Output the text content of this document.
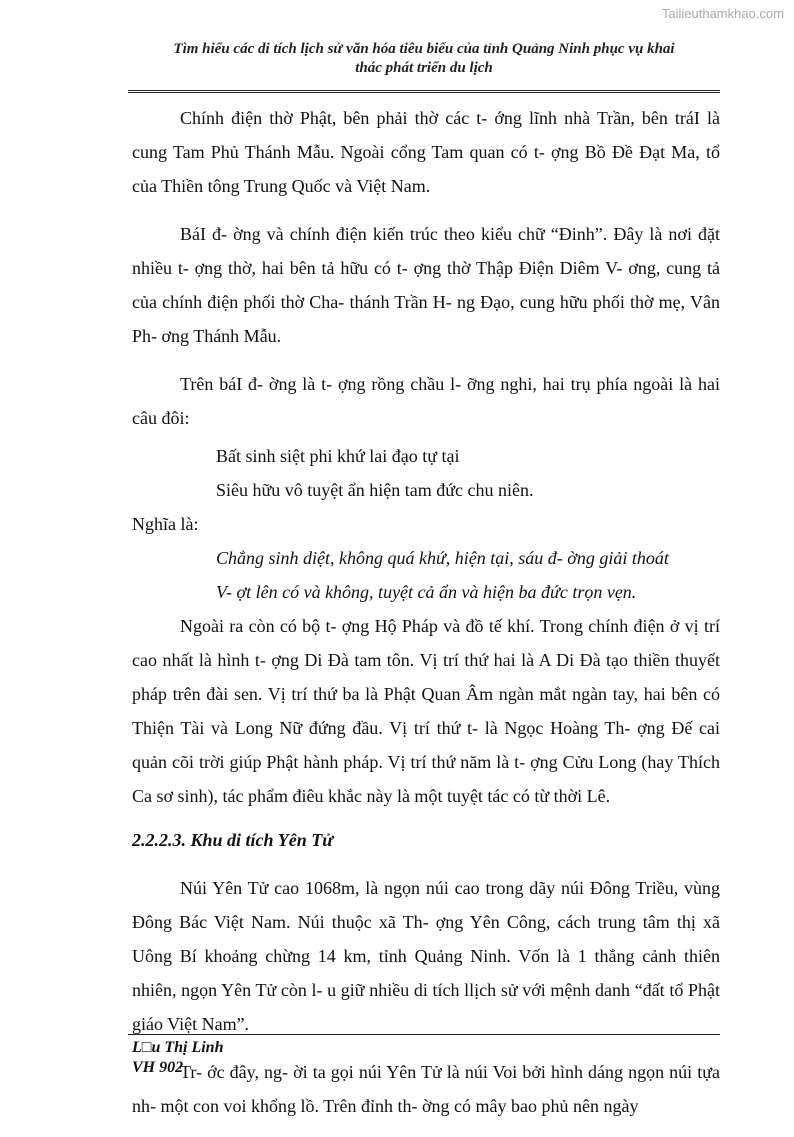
Tailieuthamkhao.com
Tìm hiểu các di tích lịch sử văn hóa tiêu biểu của tỉnh Quảng Ninh phục vụ khai
thác phát triển du lịch

Chính điện thờ Phật, bên phải thờ các t- ớng lĩnh nhà Trần, bên tráI là cung Tam Phủ Thánh Mẫu. Ngoài cổng Tam quan có t- ợng Bồ Đề Đạt Ma, tổ của Thiền tông Trung Quốc và Việt Nam.

BáI đ- ờng và chính điện kiến trúc theo kiểu chữ “Đinh”. Đây là nơi đặt nhiều t- ợng thờ, hai bên tả hữu có t- ợng thờ Thập Điện Diêm V- ơng, cung tả của chính điện phối thờ Cha- thánh Trần H- ng Đạo, cung hữu phối thờ mẹ, Vân Ph- ơng Thánh Mẫu.

Trên báI đ- ờng là t- ợng rồng chầu l- ỡng nghi, hai trụ phía ngoài là hai câu đôi:

Bất sinh siệt phi khứ lai đạo tự tại

Siêu hữu vô tuyệt ẩn hiện tam đức chu niên.

Nghĩa là:

Chẳng sinh diệt, không quá khứ, hiện tại, sáu đ- ờng giải thoát

V- ợt lên có và không, tuyệt cả ẩn và hiện ba đức trọn vẹn.

Ngoài ra còn có bộ t- ợng Hộ Pháp và đồ tế khí. Trong chính điện ở vị trí cao nhất là hình t- ợng Di Đà tam tôn. Vị trí thứ hai là A Di Đà tạo thiền thuyết pháp trên đài sen. Vị trí thứ ba là Phật Quan Âm ngàn mắt ngàn tay, hai bên có Thiện Tài và Long Nữ đứng đầu. Vị trí thứ t- là Ngọc Hoàng Th- ợng Đế cai quản cõi trời giúp Phật hành pháp. Vị trí thứ năm là t- ợng Cửu Long (hay Thích Ca sơ sinh), tác phẩm điêu khắc này là một tuyệt tác có từ thời Lê.

2.2.2.3. Khu di tích Yên Tử

Núi Yên Tử cao 1068m, là ngọn núi cao trong dãy núi Đông Triều, vùng Đông Bác Việt Nam. Núi thuộc xã Th- ợng Yên Công, cách trung tâm thị xã Uông Bí khoảng chừng 14 km, tỉnh Quảng Ninh. Vốn là 1 thắng cảnh thiên nhiên, ngọn Yên Tử còn l- u giữ nhiều di tích llịch sử với mệnh danh “đất tổ Phật giáo Việt Nam”.

Tr- ớc đây, ng- ời ta gọi núi Yên Tử là núi Voi bởi hình dáng ngọn núi tựa nh- một con voi khổng lồ. Trên đỉnh th- ờng có mây bao phủ nên ngày

L□u Thị Linh
VH 902
